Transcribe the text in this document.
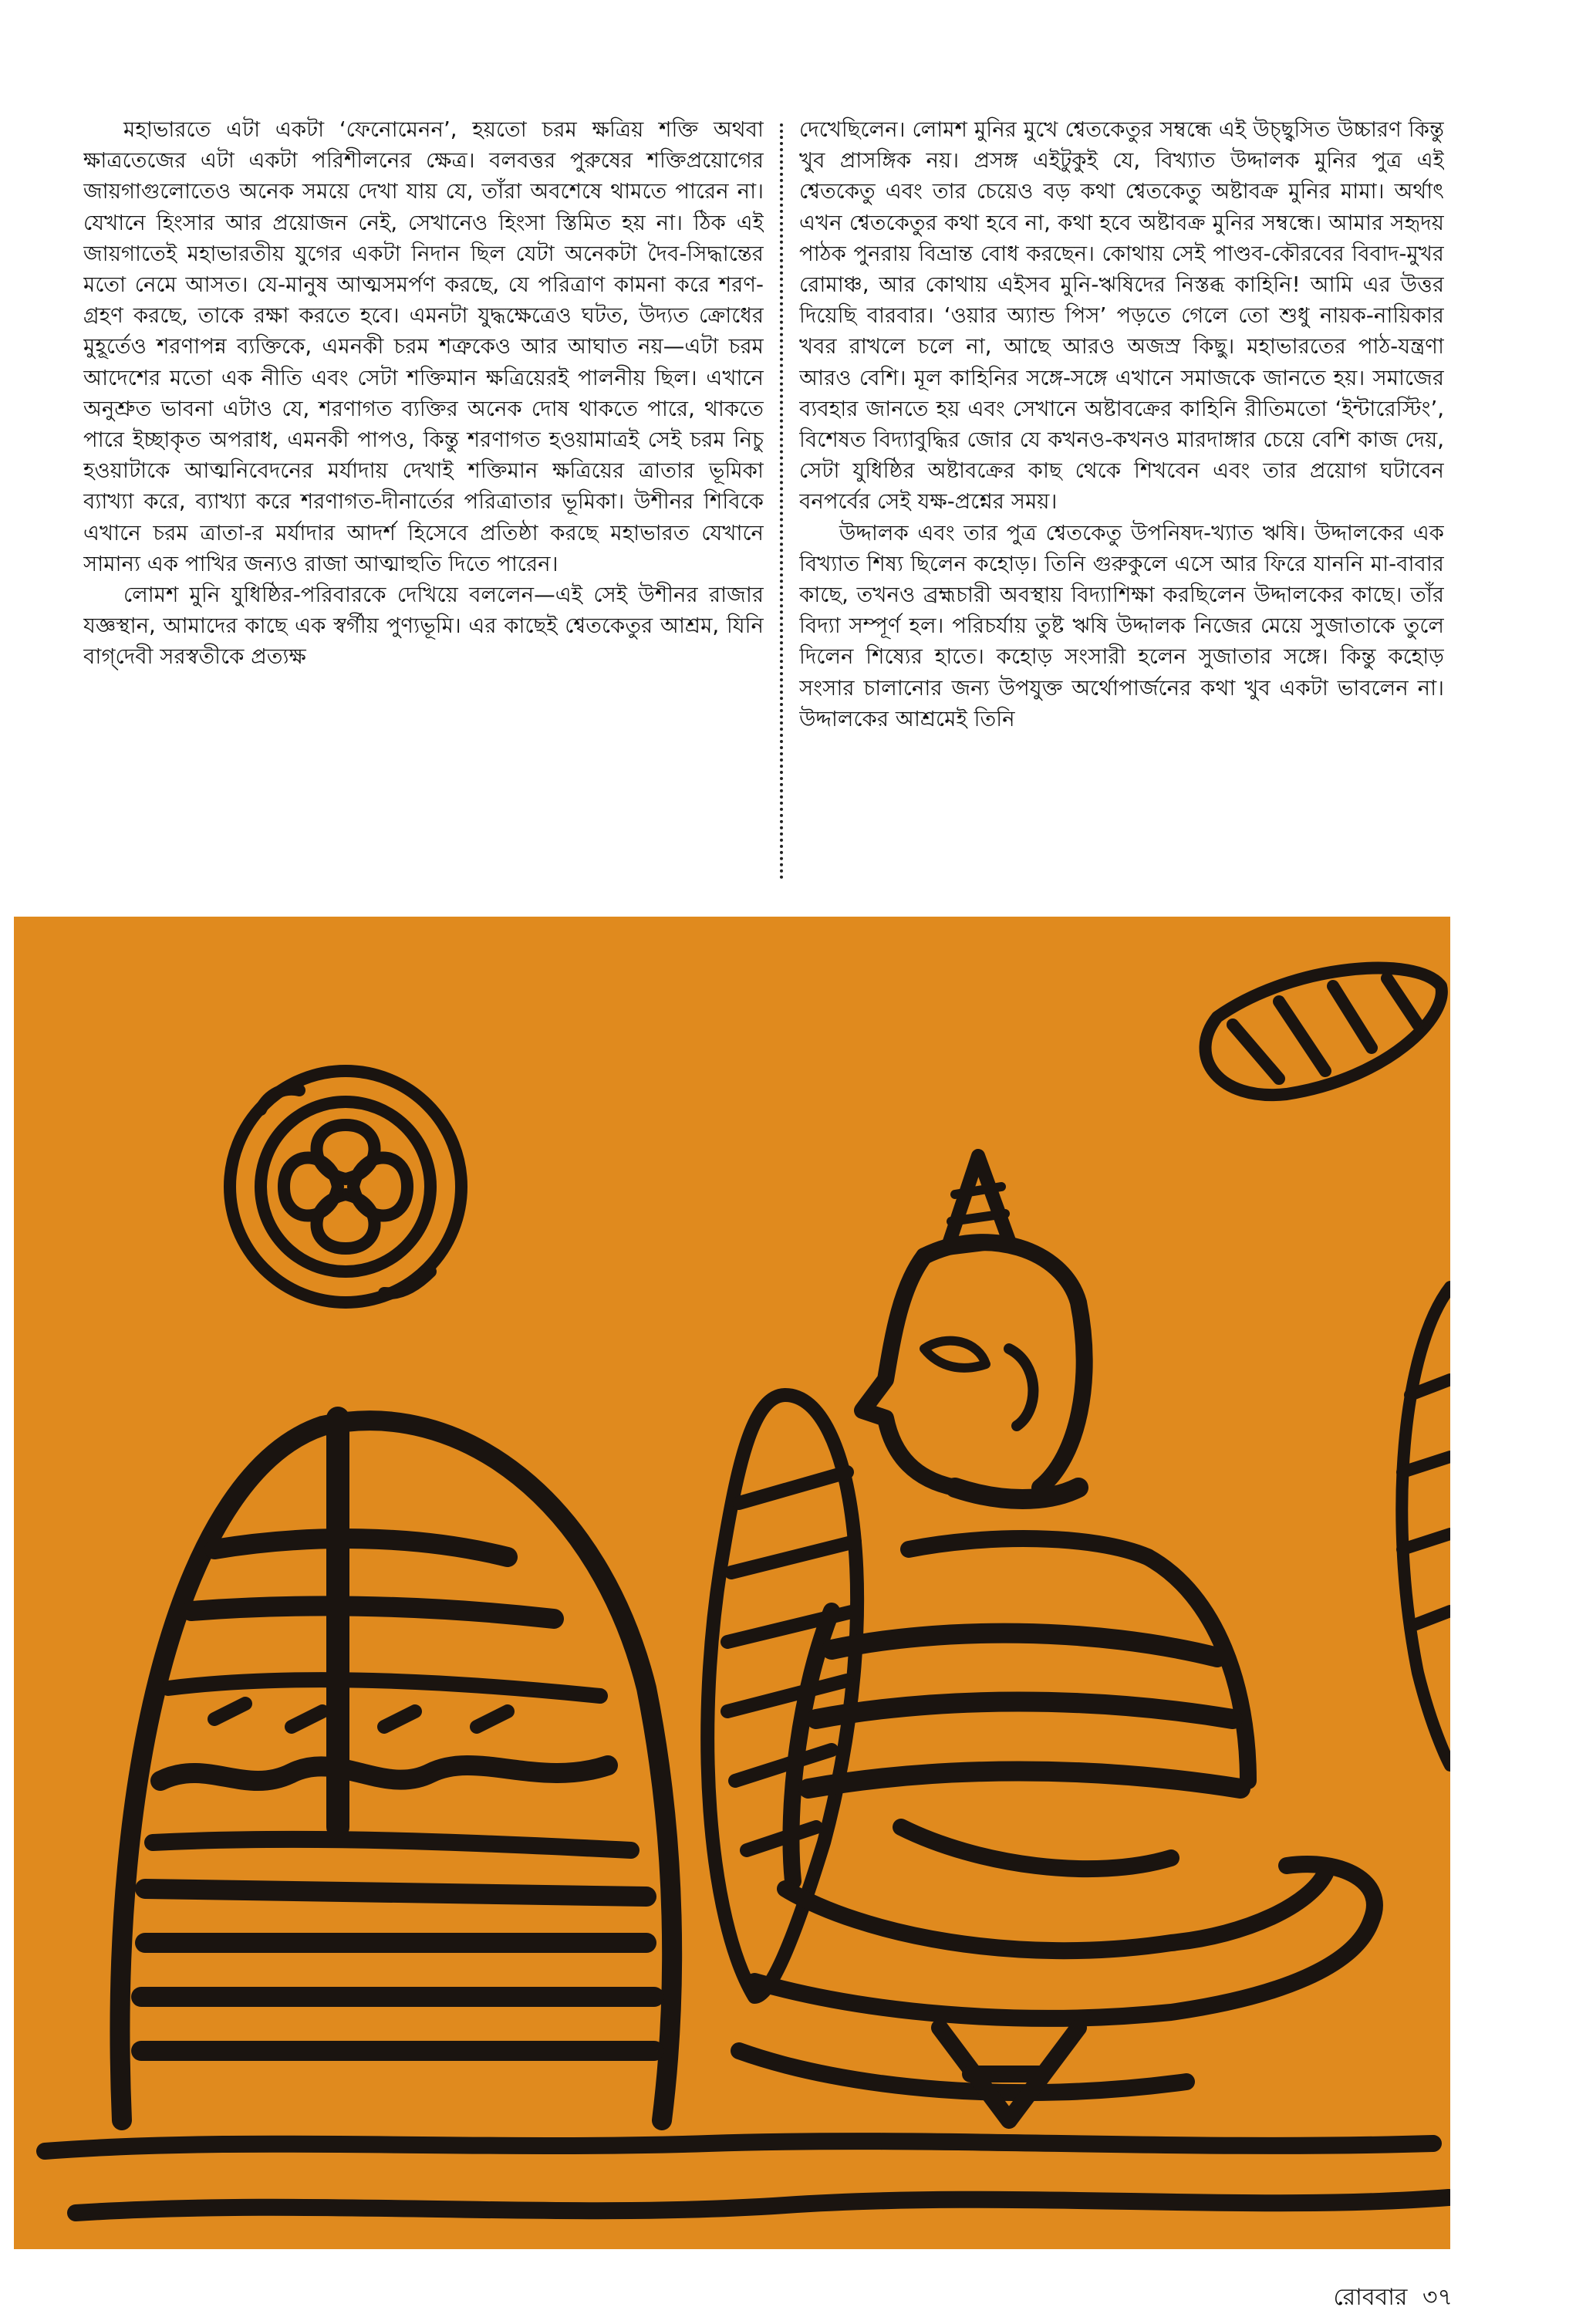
মহাভারতে এটা একটা ‘ফেনোমেনন’, হয়তো চরম ক্ষত্রিয় শক্তি অথবা ক্ষাত্রতেজের এটা একটা পরিশীলনের ক্ষেত্র। বলবত্তর পুরুষের শক্তিপ্রয়োগের জায়গাগুলোতেও অনেক সময়ে দেখা যায় যে, তাঁরা অবশেষে থামতে পারেন না। যেখানে হিংসার আর প্রয়োজন নেই, সেখানেও হিংসা স্তিমিত হয় না। ঠিক এই জায়গাতেই মহাভারতীয় যুগের একটা নিদান ছিল যেটা অনেকটা দৈব-সিদ্ধান্তের মতো নেমে আসত। যে-মানুষ আত্মসমর্পণ করছে, যে পরিত্রাণ কামনা করে শরণ-গ্রহণ করছে, তাকে রক্ষা করতে হবে। এমনটা যুদ্ধক্ষেত্রেও ঘটত, উদ্যত ক্রোধের মুহূর্তেও শরণাপন্ন ব্যক্তিকে, এমনকী চরম শত্রুকেও আর আঘাত নয়—এটা চরম আদেশের মতো এক নীতি এবং সেটা শক্তিমান ক্ষত্রিয়েরই পালনীয় ছিল। এখানে অনুশ্রুত ভাবনা এটাও যে, শরণাগত ব্যক্তির অনেক দোষ থাকতে পারে, থাকতে পারে ইচ্ছাকৃত অপরাধ, এমনকী পাপও, কিন্তু শরণাগত হওয়ামাত্রই সেই চরম নিচু হওয়াটাকে আত্মনিবেদনের মর্যাদায় দেখাই শক্তিমান ক্ষত্রিয়ের ত্রাতার ভূমিকা ব্যাখ্যা করে, ব্যাখ্যা করে শরণাগত-দীনার্তের পরিত্রাতার ভূমিকা। উশীনর শিবিকে এখানে চরম ত্রাতা-র মর্যাদার আদর্শ হিসেবে প্রতিষ্ঠা করছে মহাভারত যেখানে সামান্য এক পাখির জন্যও রাজা আত্মাহুতি দিতে পারেন।

লোমশ মুনি যুধিষ্ঠির-পরিবারকে দেখিয়ে বললেন—এই সেই উশীনর রাজার যজ্ঞস্থান, আমাদের কাছে এক স্বর্গীয় পুণ্যভূমি। এর কাছেই শ্বেতকেতুর আশ্রম, যিনি বাগ্‌দেবী সরস্বতীকে প্রত্যক্ষ

দেখেছিলেন। লোমশ মুনির মুখে শ্বেতকেতুর সম্বন্ধে এই উচ্ছ্বসিত উচ্চারণ কিন্তু খুব প্রাসঙ্গিক নয়। প্রসঙ্গ এইটুকুই যে, বিখ্যাত উদ্দালক মুনির পুত্র এই শ্বেতকেতু এবং তার চেয়েও বড় কথা শ্বেতকেতু অষ্টাবক্র মুনির মামা। অর্থাৎ এখন শ্বেতকেতুর কথা হবে না, কথা হবে অষ্টাবক্র মুনির সম্বন্ধে। আমার সহৃদয় পাঠক পুনরায় বিভ্রান্ত বোধ করছেন। কোথায় সেই পাণ্ডব-কৌরবের বিবাদ-মুখর রোমাঞ্চ, আর কোথায় এইসব মুনি-ঋষিদের নিস্তব্ধ কাহিনি! আমি এর উত্তর দিয়েছি বারবার। ‘ওয়ার অ্যান্ড পিস’ পড়তে গেলে তো শুধু নায়ক-নায়িকার খবর রাখলে চলে না, আছে আরও অজস্র কিছু। মহাভারতের পাঠ-যন্ত্রণা আরও বেশি। মূল কাহিনির সঙ্গে-সঙ্গে এখানে সমাজকে জানতে হয়। সমাজের ব্যবহার জানতে হয় এবং সেখানে অষ্টাবক্রের কাহিনি রীতিমতো ‘ইন্টারেস্টিং’, বিশেষত বিদ্যাবুদ্ধির জোর যে কখনও-কখনও মারদাঙ্গার চেয়ে বেশি কাজ দেয়, সেটা যুধিষ্ঠির অষ্টাবক্রের কাছ থেকে শিখবেন এবং তার প্রয়োগ ঘটাবেন বনপর্বের সেই যক্ষ-প্রশ্নের সময়।

উদ্দালক এবং তার পুত্র শ্বেতকেতু উপনিষদ-খ্যাত ঋষি। উদ্দালকের এক বিখ্যাত শিষ্য ছিলেন কহোড়। তিনি গুরুকুলে এসে আর ফিরে যাননি মা-বাবার কাছে, তখনও ব্রহ্মচারী অবস্থায় বিদ্যাশিক্ষা করছিলেন উদ্দালকের কাছে। তাঁর বিদ্যা সম্পূর্ণ হল। পরিচর্যায় তুষ্ট ঋষি উদ্দালক নিজের মেয়ে সুজাতাকে তুলে দিলেন শিষ্যের হাতে। কহোড় সংসারী হলেন সুজাতার সঙ্গে। কিন্তু কহোড় সংসার চালানোর জন্য উপযুক্ত অর্থোপার্জনের কথা খুব একটা ভাবলেন না। উদ্দালকের আশ্রমেই তিনি

রোববার ৩৭
